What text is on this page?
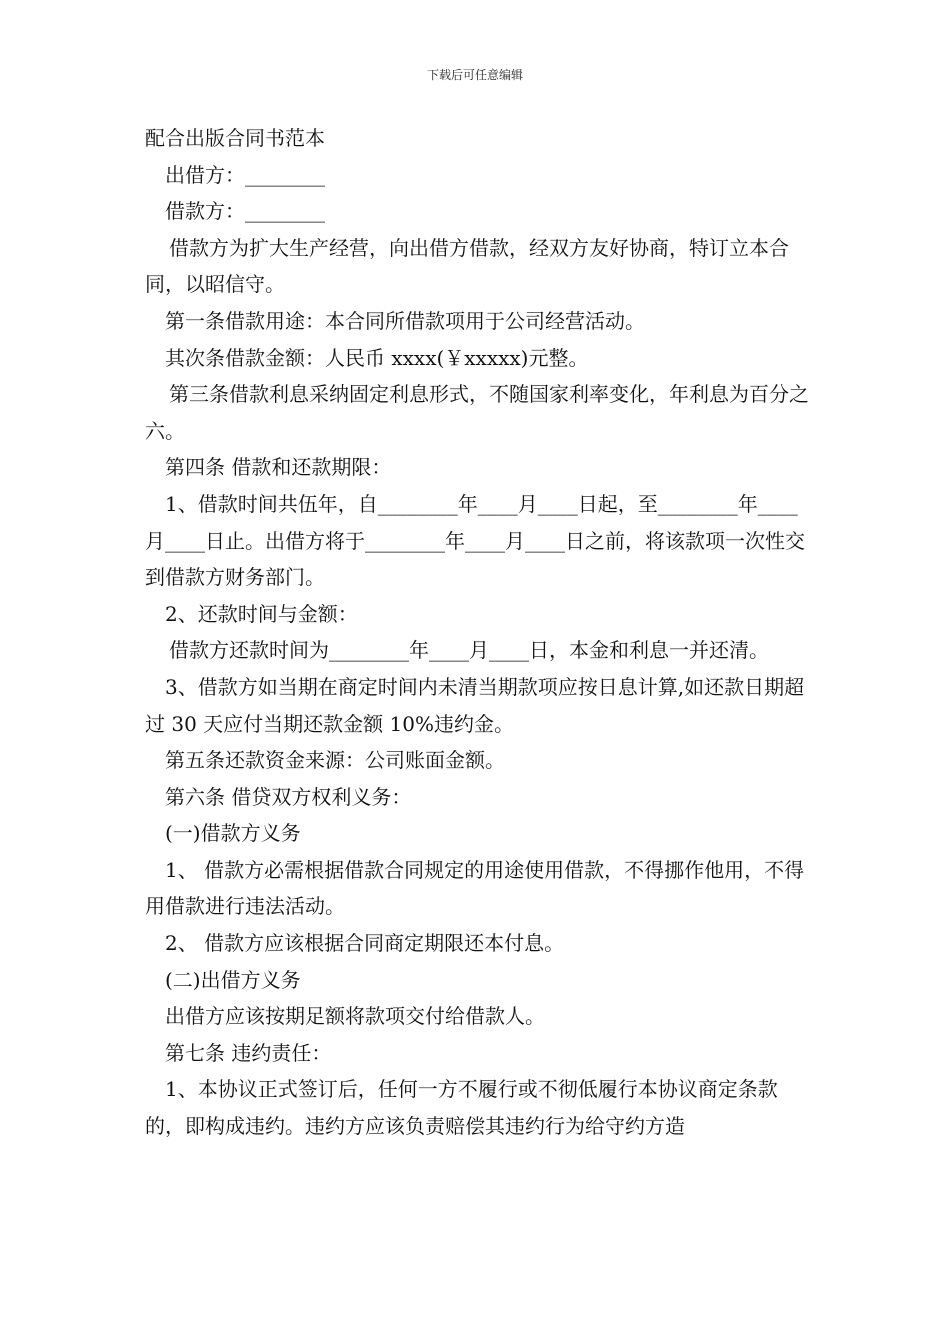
下载后可任意编辑

配合出版合同书范本

出借方：________

借款方：________

借款方为扩大生产经营，向出借方借款，经双方友好协商，特订立本合同，以昭信守。

第一条借款用途：本合同所借款项用于公司经营活动。

其次条借款金额：人民币 xxxx(￥xxxxx)元整。

第三条借款利息采纳固定利息形式，不随国家利率变化，年利息为百分之六。

第四条 借款和还款期限：

1、借款时间共伍年，自________年____月____日起，至________年____月____日止。出借方将于________年____月____日之前，将该款项一次性交到借款方财务部门。

2、还款时间与金额：

借款方还款时间为________年____月____日，本金和利息一并还清。

3、借款方如当期在商定时间内未清当期款项应按日息计算,如还款日期超过 30 天应付当期还款金额 10%违约金。

第五条还款资金来源：公司账面金额。

第六条 借贷双方权利义务：

(一)借款方义务

1、 借款方必需根据借款合同规定的用途使用借款，不得挪作他用，不得用借款进行违法活动。

2、 借款方应该根据合同商定期限还本付息。

(二)出借方义务

出借方应该按期足额将款项交付给借款人。

第七条 违约责任：

1、本协议正式签订后，任何一方不履行或不彻低履行本协议商定条款的，即构成违约。违约方应该负责赔偿其违约行为给守约方造
